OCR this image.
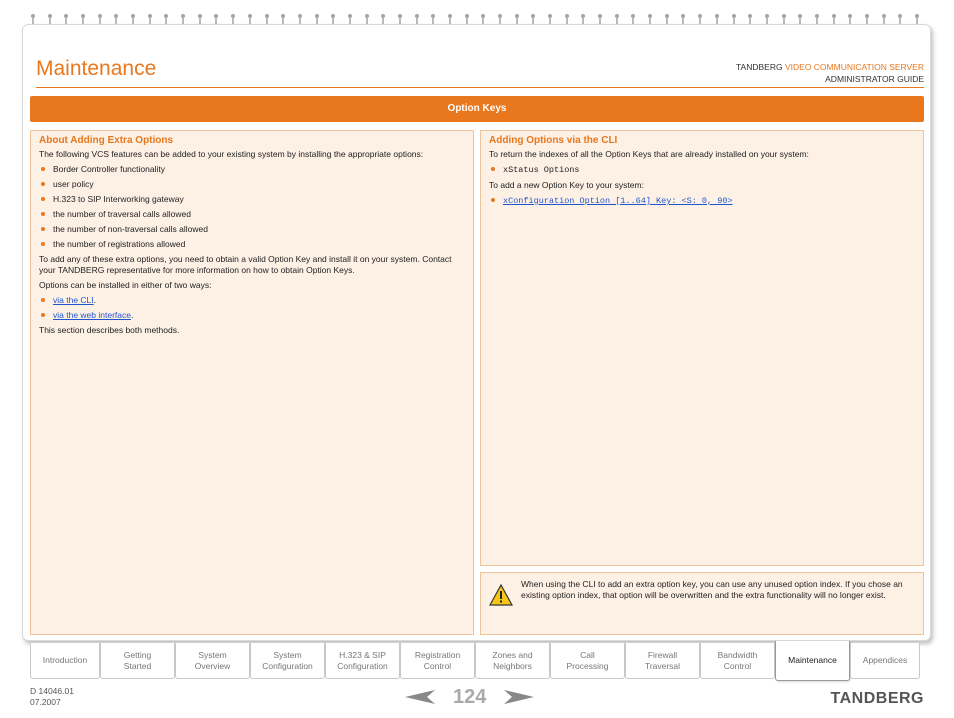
Maintenance	TANDBERG VIDEO COMMUNICATION SERVER
ADMINISTRATOR GUIDE
Option Keys
About Adding Extra Options
The following VCS features can be added to your existing system by installing the appropriate options:
Border Controller functionality
user policy
H.323 to SIP Interworking gateway
the number of traversal calls allowed
the number of non-traversal calls allowed
the number of registrations allowed
To add any of these extra options, you need to obtain a valid Option Key and install it on your system. Contact your TANDBERG representative for more information on how to obtain Option Keys.
Options can be installed in either of two ways:
via the CLI.
via the web interface.
This section describes both methods.
Adding Options via the CLI
To return the indexes of all the Option Keys that are already installed on your system:
xStatus Options
To add a new Option Key to your system:
xConfiguration Option [1..64] Key: <S: 0, 90>
When using the CLI to add an extra option key, you can use any unused option index. If you chose an existing option index, that option will be overwritten and the extra functionality will no longer exist.
Introduction
Getting
Started
System
Overview
System
Configuration
H.323 & SIP
Configuration
Registration
Control
Zones and
Neighbors
Call
Processing
Firewall
Traversal
Bandwidth
Control
Maintenance	Appendices
D 14046.01
07.2007	124	TANDBERG
